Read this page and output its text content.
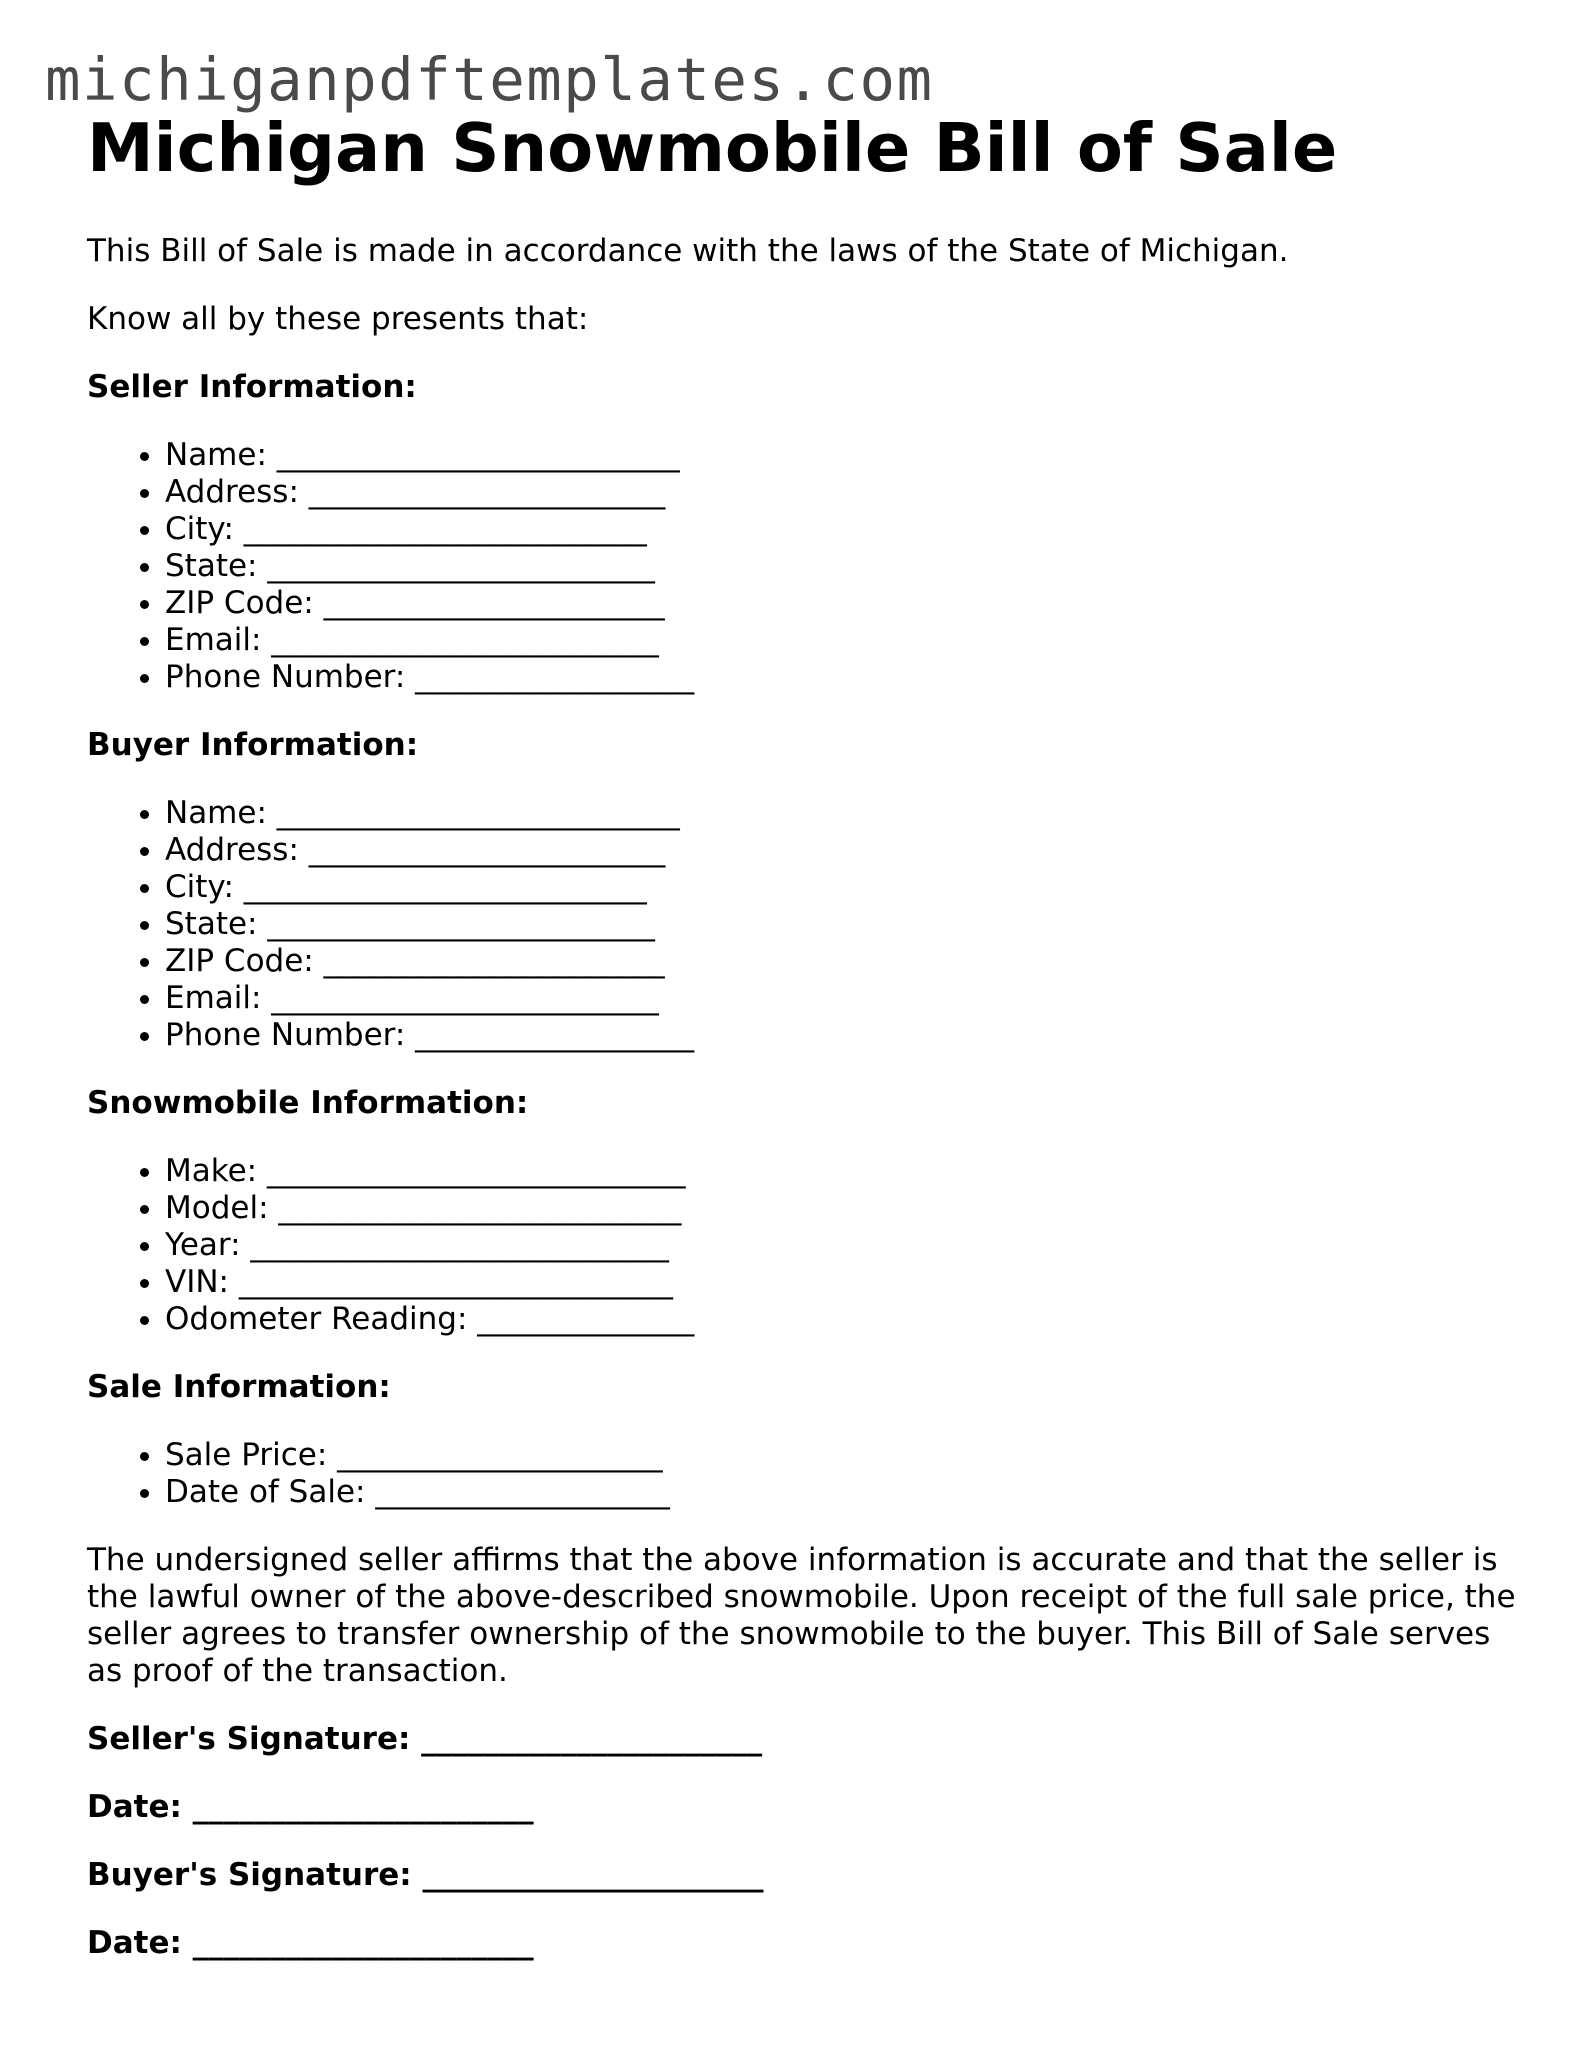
michiganpdftemplates.com
Michigan Snowmobile Bill of Sale

This Bill of Sale is made in accordance with the laws of the State of Michigan.

Know all by these presents that:

Seller Information:

• Name: __________________________
• Address: _______________________
• City: __________________________
• State: _________________________
• ZIP Code: ______________________
• Email: _________________________
• Phone Number: __________________

Buyer Information:

• Name: __________________________
• Address: _______________________
• City: __________________________
• State: _________________________
• ZIP Code: ______________________
• Email: _________________________
• Phone Number: __________________

Snowmobile Information:

• Make: ___________________________
• Model: __________________________
• Year: ___________________________
• VIN: ____________________________
• Odometer Reading: ______________

Sale Information:

• Sale Price: _____________________
• Date of Sale: ___________________

The undersigned seller affirms that the above information is accurate and that the seller is the lawful owner of the above-described snowmobile. Upon receipt of the full sale price, the seller agrees to transfer ownership of the snowmobile to the buyer. This Bill of Sale serves as proof of the transaction.

Seller's Signature: ______________________

Date: ______________________

Buyer's Signature: ______________________

Date: ______________________
